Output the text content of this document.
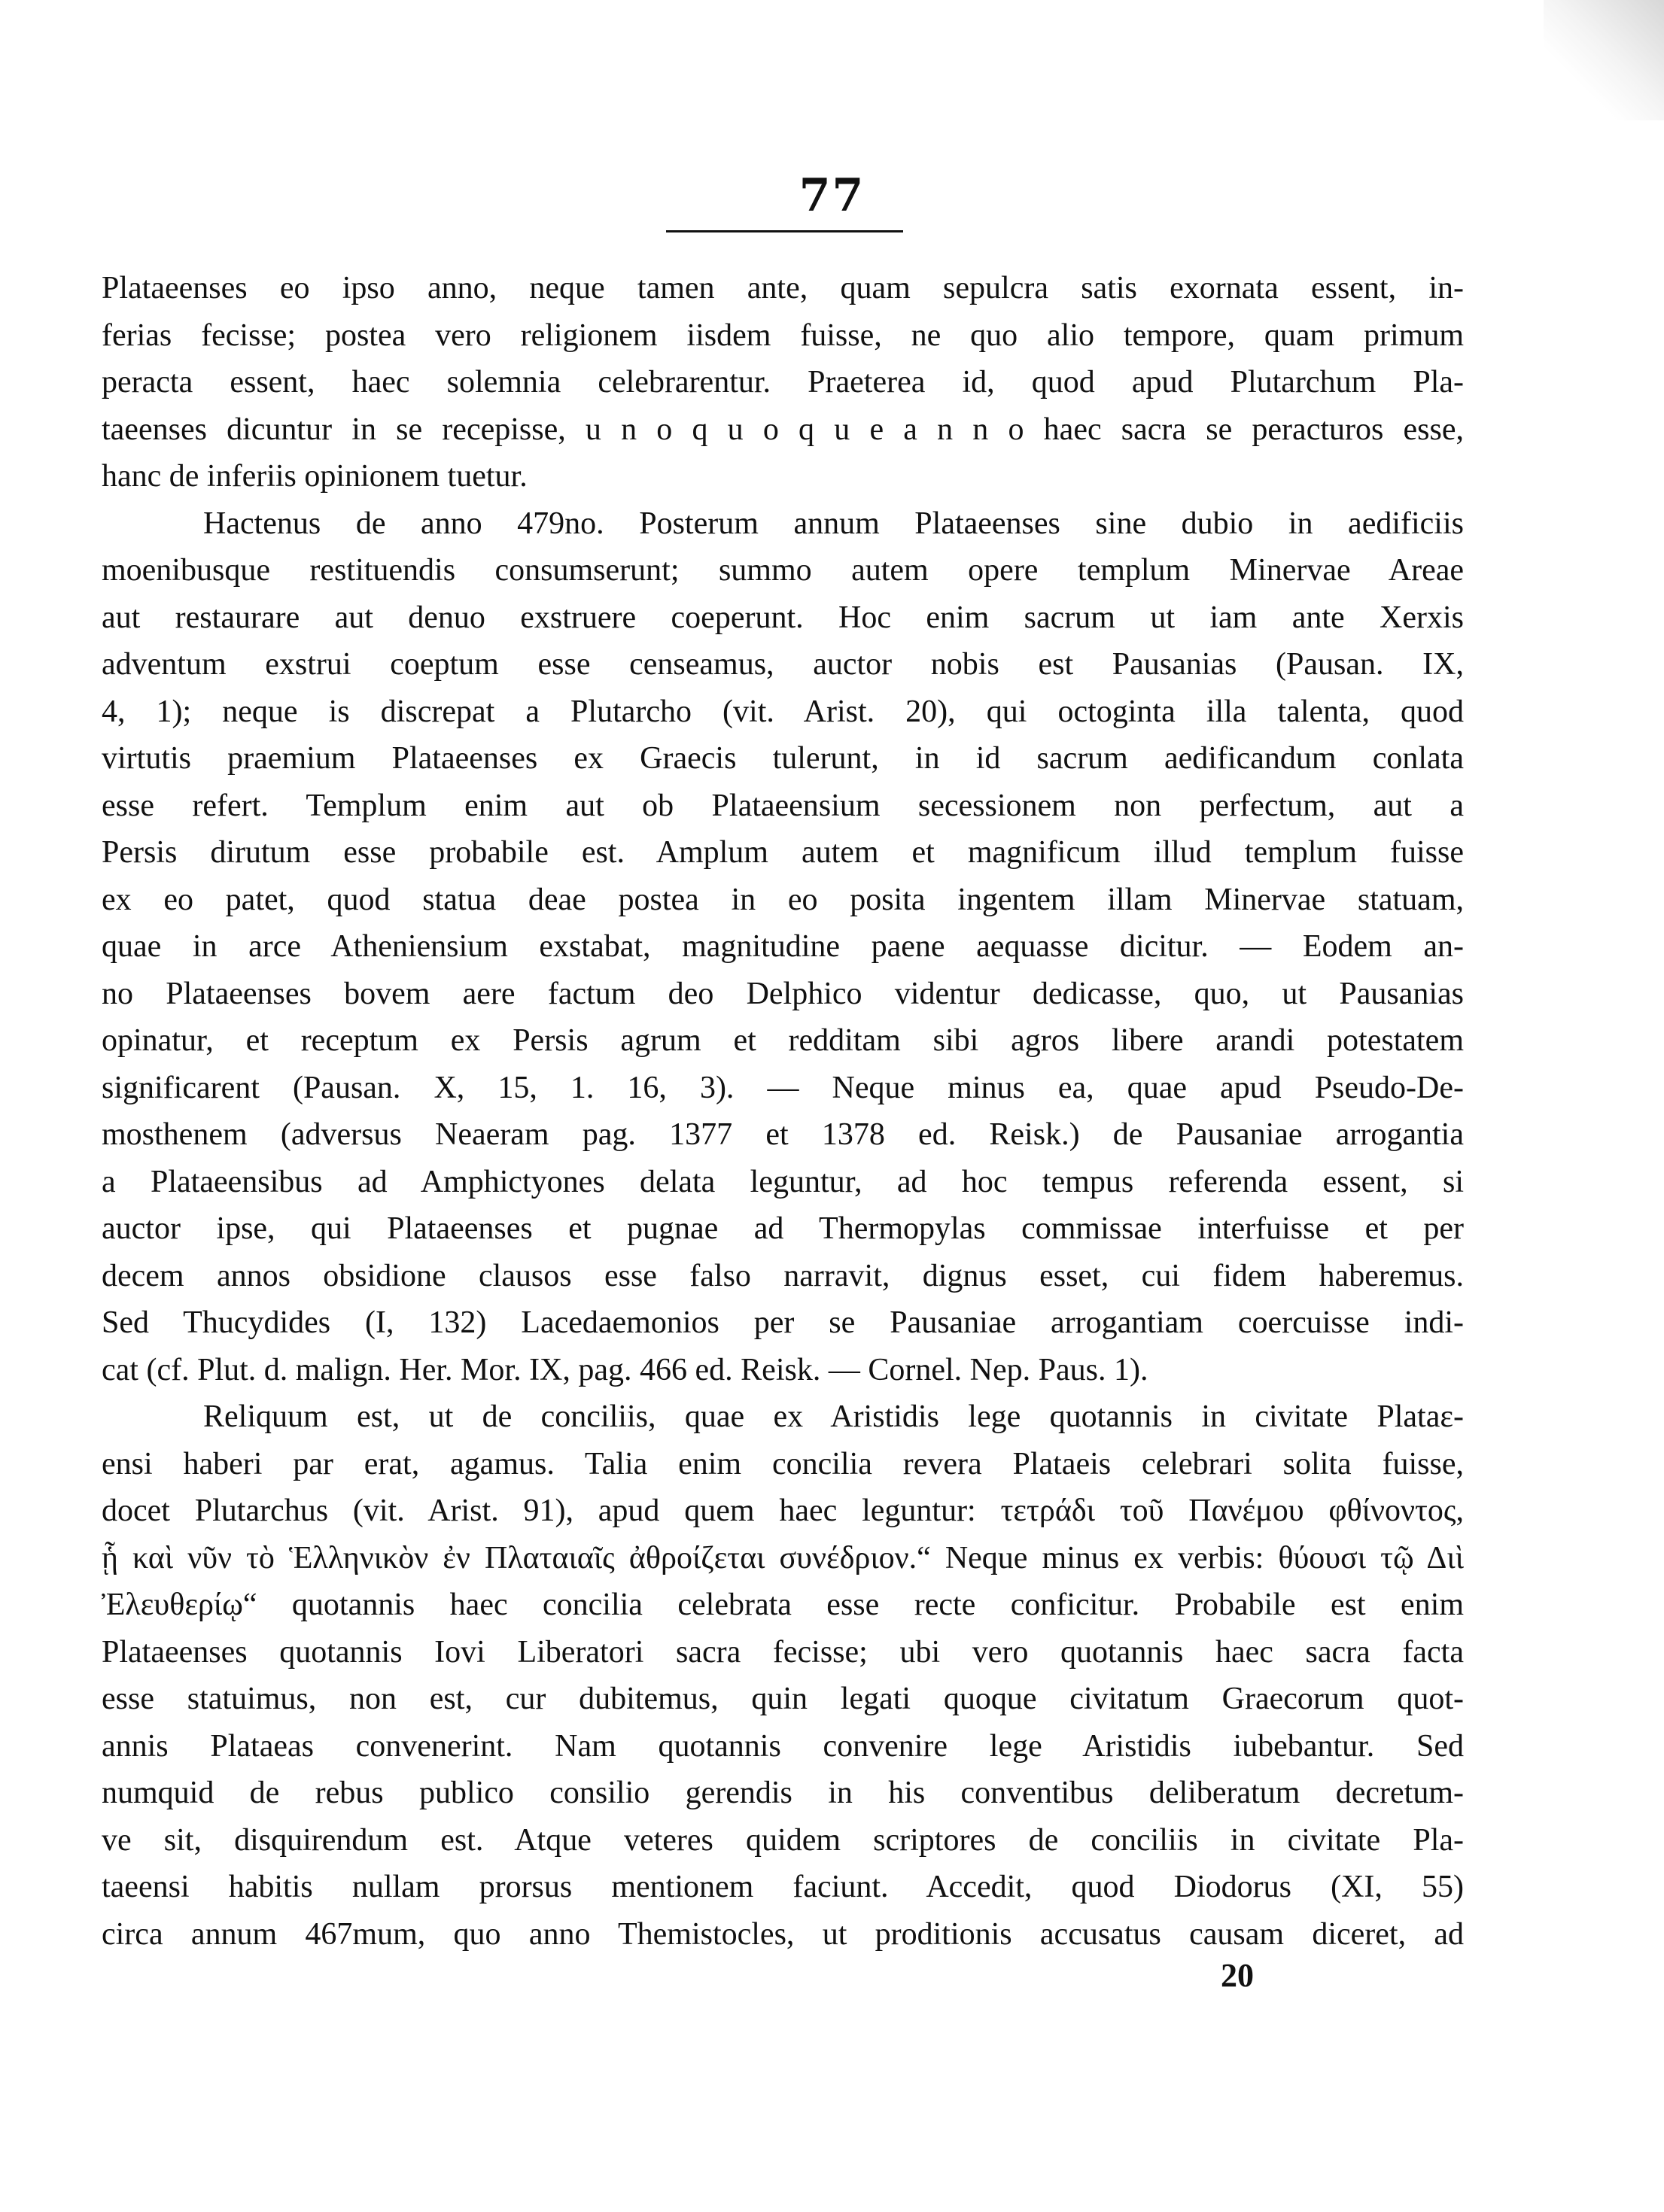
77
Plataeenses eo ipso anno, neque tamen ante, quam sepulcra satis exornata essent, in-
ferias fecisse; postea vero religionem iisdem fuisse, ne quo alio tempore, quam primum
peracta essent, haec solemnia celebrarentur. Praeterea id, quod apud Plutarchum Pla-
taeenses dicuntur in se recepisse, u n o q u o q u e a n n o haec sacra se peracturos esse,
hanc de inferiis opinionem tuetur.
Hactenus de anno 479no. Posterum annum Plataeenses sine dubio in aedificiis
moenibusque restituendis consumserunt; summo autem opere templum Minervae Areae
aut restaurare aut denuo exstruere coeperunt. Hoc enim sacrum ut iam ante Xerxis
adventum exstrui coeptum esse censeamus, auctor nobis est Pausanias (Pausan. IX,
4, 1); neque is discrepat a Plutarcho (vit. Arist. 20), qui octoginta illa talenta, quod
virtutis praemium Plataeenses ex Graecis tulerunt, in id sacrum aedificandum conlata
esse refert. Templum enim aut ob Plataeensium secessionem non perfectum, aut a
Persis dirutum esse probabile est. Amplum autem et magnificum illud templum fuisse
ex eo patet, quod statua deae postea in eo posita ingentem illam Minervae statuam,
quae in arce Atheniensium exstabat, magnitudine paene aequasse dicitur. — Eodem an-
no Plataeenses bovem aere factum deo Delphico videntur dedicasse, quo, ut Pausanias
opinatur, et receptum ex Persis agrum et redditam sibi agros libere arandi potestatem
significarent (Pausan. X, 15, 1. 16, 3). — Neque minus ea, quae apud Pseudo-De-
mosthenem (adversus Neaeram pag. 1377 et 1378 ed. Reisk.) de Pausaniae arrogantia
a Plataeensibus ad Amphictyones delata leguntur, ad hoc tempus referenda essent, si
auctor ipse, qui Plataeenses et pugnae ad Thermopylas commissae interfuisse et per
decem annos obsidione clausos esse falso narravit, dignus esset, cui fidem haberemus.
Sed Thucydides (I, 132) Lacedaemonios per se Pausaniae arrogantiam coercuisse indi-
cat (cf. Plut. d. malign. Her. Mor. IX, pag. 466 ed. Reisk. — Cornel. Nep. Paus. 1).
Reliquum est, ut de conciliis, quae ex Aristidis lege quotannis in civitate Plataε-
ensi haberi par erat, agamus. Talia enim concilia revera Plataeis celebrari solita fuisse,
docet Plutarchus (vit. Arist. 91), apud quem haec leguntur: τετράδι τοῦ Πανέμου φθίνοντος,
ᾗ καὶ νῦν τὸ Ἑλληνικὸν ἐν Πλαταιαῖς ἀθροίζεται συνέδριον.“ Neque minus ex verbis: θύουσι τῷ Διὶ
Ἐλευθερίῳ“ quotannis haec concilia celebrata esse recte conficitur. Probabile est enim
Plataeenses quotannis Iovi Liberatori sacra fecisse; ubi vero quotannis haec sacra facta
esse statuimus, non est, cur dubitemus, quin legati quoque civitatum Graecorum quot-
annis Plataeas convenerint. Nam quotannis convenire lege Aristidis iubebantur. Sed
numquid de rebus publico consilio gerendis in his conventibus deliberatum decretum-
ve sit, disquirendum est. Atque veteres quidem scriptores de conciliis in civitate Pla-
taeensi habitis nullam prorsus mentionem faciunt. Accedit, quod Diodorus (XI, 55)
circa annum 467mum, quo anno Themistocles, ut proditionis accusatus causam diceret, ad
20
